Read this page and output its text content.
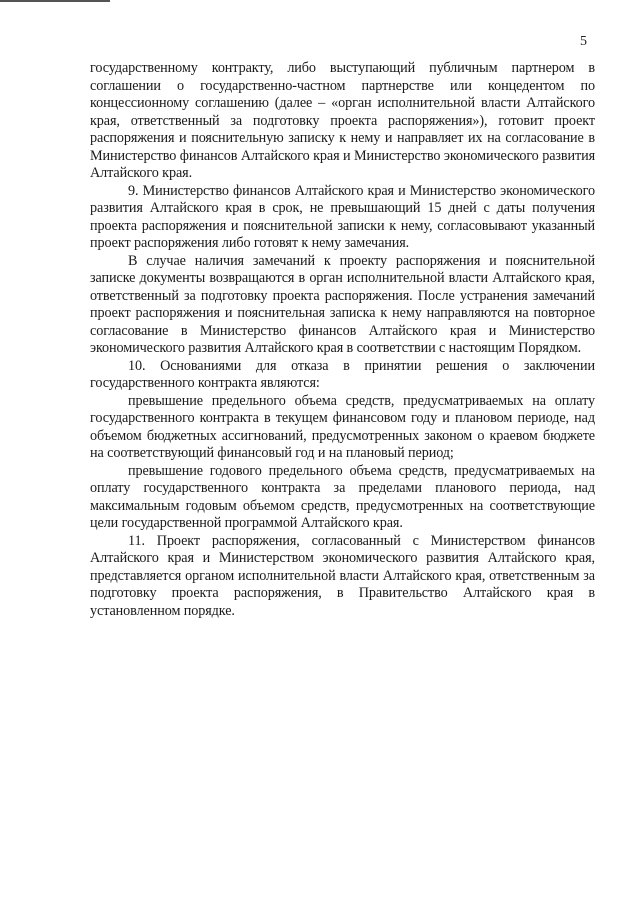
5

государственному контракту, либо выступающий публичным партнером в соглашении о государственно-частном партнерстве или концедентом по концессионному соглашению (далее – «орган исполнительной власти Алтайского края, ответственный за подготовку проекта распоряжения»), готовит проект распоряжения и пояснительную записку к нему и направляет их на согласование в Министерство финансов Алтайского края и Министерство экономического развития Алтайского края.

9. Министерство финансов Алтайского края и Министерство экономического развития Алтайского края в срок, не превышающий 15 дней с даты получения проекта распоряжения и пояснительной записки к нему, согласовывают указанный проект распоряжения либо готовят к нему замечания.

В случае наличия замечаний к проекту распоряжения и пояснительной записке документы возвращаются в орган исполнительной власти Алтайского края, ответственный за подготовку проекта распоряжения. После устранения замечаний проект распоряжения и пояснительная записка к нему направляются на повторное согласование в Министерство финансов Алтайского края и Министерство экономического развития Алтайского края в соответствии с настоящим Порядком.

10. Основаниями для отказа в принятии решения о заключении государственного контракта являются:

превышение предельного объема средств, предусматриваемых на оплату государственного контракта в текущем финансовом году и плановом периоде, над объемом бюджетных ассигнований, предусмотренных законом о краевом бюджете на соответствующий финансовый год и на плановый период;

превышение годового предельного объема средств, предусматриваемых на оплату государственного контракта за пределами планового периода, над максимальным годовым объемом средств, предусмотренных на соответствующие цели государственной программой Алтайского края.

11. Проект распоряжения, согласованный с Министерством финансов Алтайского края и Министерством экономического развития Алтайского края, представляется органом исполнительной власти Алтайского края, ответственным за подготовку проекта распоряжения, в Правительство Алтайского края в установленном порядке.
